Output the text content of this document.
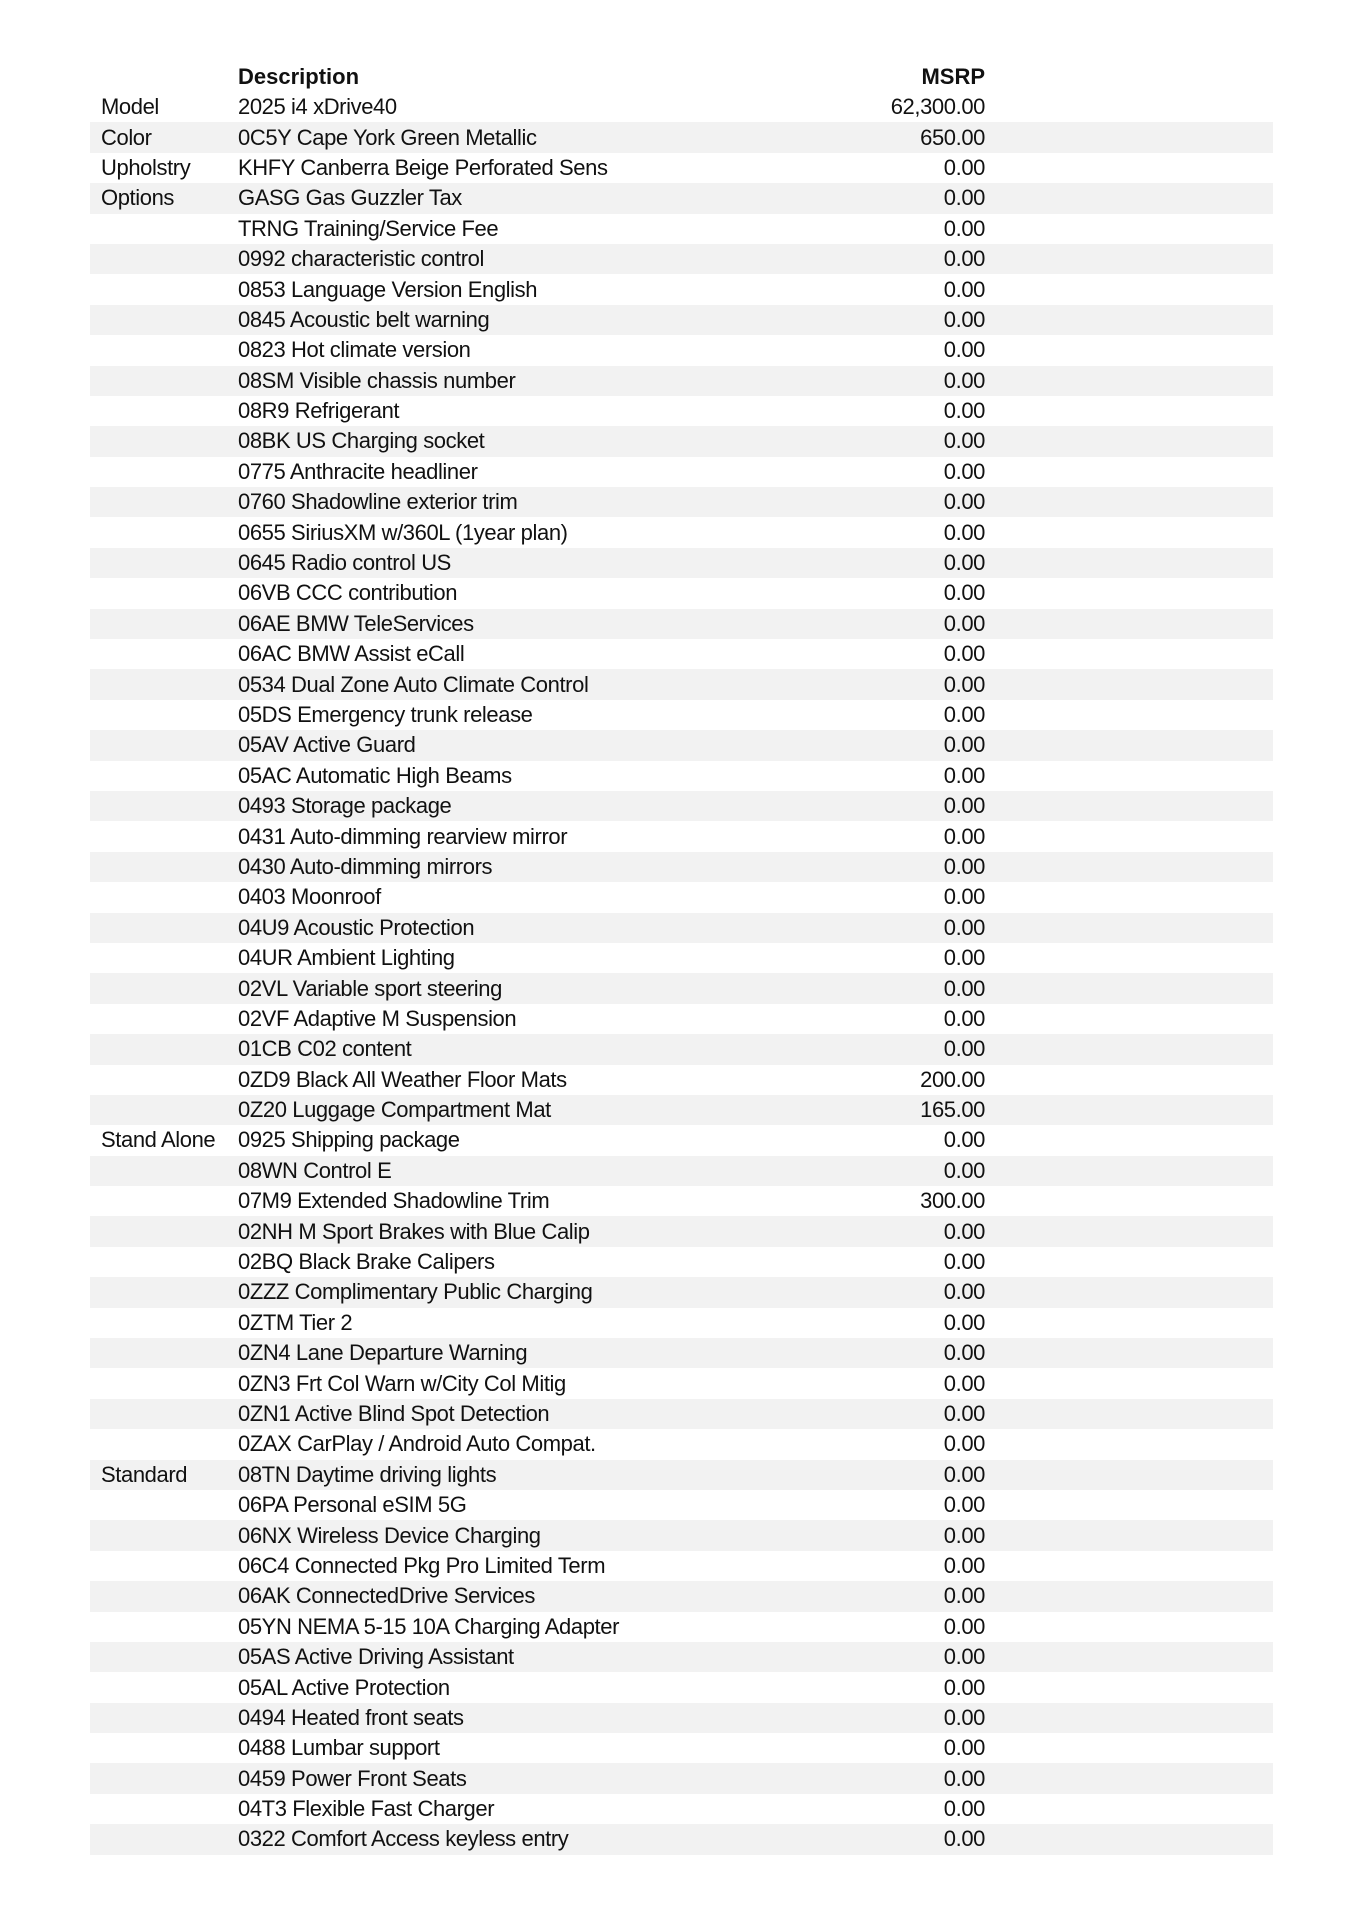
Description	MSRP
Model	2025 i4 xDrive40	62,300.00
Color	0C5Y Cape York Green Metallic	650.00
Upholstry	KHFY Canberra Beige Perforated Sens	0.00
Options	GASG Gas Guzzler Tax	0.00
TRNG Training/Service Fee	0.00
0992 characteristic control	0.00
0853 Language Version English	0.00
0845 Acoustic belt warning	0.00
0823 Hot climate version	0.00
08SM Visible chassis number	0.00
08R9 Refrigerant	0.00
08BK US Charging socket	0.00
0775 Anthracite headliner	0.00
0760 Shadowline exterior trim	0.00
0655 SiriusXM w/360L (1year plan)	0.00
0645 Radio control US	0.00
06VB CCC contribution	0.00
06AE BMW TeleServices	0.00
06AC BMW Assist eCall	0.00
0534 Dual Zone Auto Climate Control	0.00
05DS Emergency trunk release	0.00
05AV Active Guard	0.00
05AC Automatic High Beams	0.00
0493 Storage package	0.00
0431 Auto-dimming rearview mirror	0.00
0430 Auto-dimming mirrors	0.00
0403 Moonroof	0.00
04U9 Acoustic Protection	0.00
04UR Ambient Lighting	0.00
02VL Variable sport steering	0.00
02VF Adaptive M Suspension	0.00
01CB C02 content	0.00
0ZD9 Black All Weather Floor Mats	200.00
0Z20 Luggage Compartment Mat	165.00
Stand Alone	0925 Shipping package	0.00
08WN Control E	0.00
07M9 Extended Shadowline Trim	300.00
02NH M Sport Brakes with Blue Calip	0.00
02BQ Black Brake Calipers	0.00
0ZZZ Complimentary Public Charging	0.00
0ZTM Tier 2	0.00
0ZN4 Lane Departure Warning	0.00
0ZN3 Frt Col Warn w/City Col Mitig	0.00
0ZN1 Active Blind Spot Detection	0.00
0ZAX CarPlay / Android Auto Compat.	0.00
Standard	08TN Daytime driving lights	0.00
06PA Personal eSIM 5G	0.00
06NX Wireless Device Charging	0.00
06C4 Connected Pkg Pro Limited Term	0.00
06AK ConnectedDrive Services	0.00
05YN NEMA 5-15 10A Charging Adapter	0.00
05AS Active Driving Assistant	0.00
05AL Active Protection	0.00
0494 Heated front seats	0.00
0488 Lumbar support	0.00
0459 Power Front Seats	0.00
04T3 Flexible Fast Charger	0.00
0322 Comfort Access keyless entry	0.00
